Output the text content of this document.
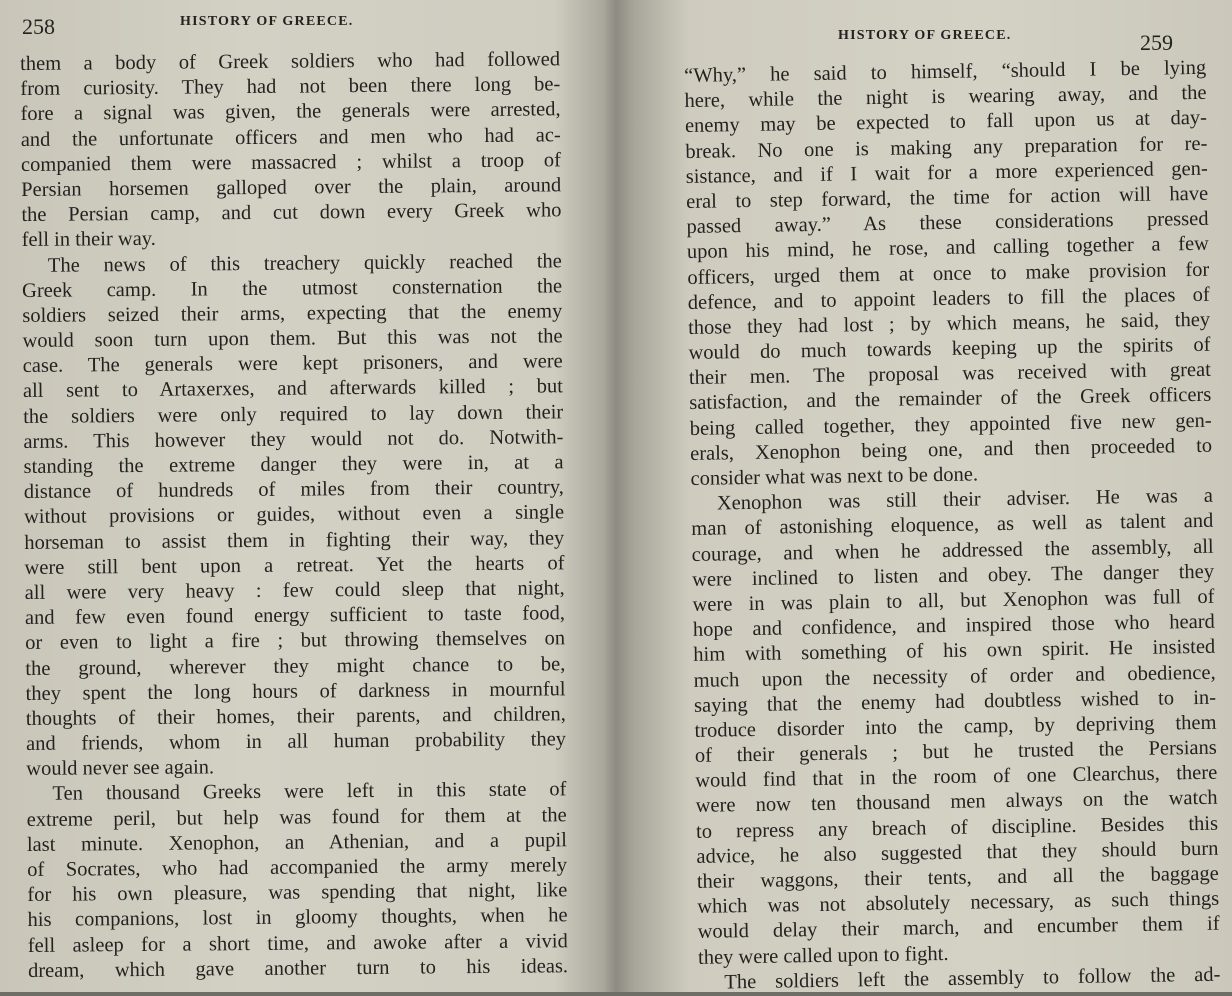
258	HISTORY OF GREECE.
them a body of Greek soldiers who had followed
from curiosity. They had not been there long be-
fore a signal was given, the generals were arrested,
and the unfortunate officers and men who had ac-
companied them were massacred ; whilst a troop of
Persian horsemen galloped over the plain, around
the Persian camp, and cut down every Greek who
fell in their way.
The news of this treachery quickly reached the
Greek camp. In the utmost consternation the
soldiers seized their arms, expecting that the enemy
would soon turn upon them. But this was not the
case. The generals were kept prisoners, and were
all sent to Artaxerxes, and afterwards killed ; but
the soldiers were only required to lay down their
arms. This however they would not do. Notwith-
standing the extreme danger they were in, at a
distance of hundreds of miles from their country,
without provisions or guides, without even a single
horseman to assist them in fighting their way, they
were still bent upon a retreat. Yet the hearts of
all were very heavy : few could sleep that night,
and few even found energy sufficient to taste food,
or even to light a fire ; but throwing themselves on
the ground, wherever they might chance to be,
they spent the long hours of darkness in mournful
thoughts of their homes, their parents, and children,
and friends, whom in all human probability they
would never see again.
Ten thousand Greeks were left in this state of
extreme peril, but help was found for them at the
last minute. Xenophon, an Athenian, and a pupil
of Socrates, who had accompanied the army merely
for his own pleasure, was spending that night, like
his companions, lost in gloomy thoughts, when he
fell asleep for a short time, and awoke after a vivid
dream, which gave another turn to his ideas.
HISTORY OF GREECE.	259
“Why,” he said to himself, “should I be lying
here, while the night is wearing away, and the
enemy may be expected to fall upon us at day-
break. No one is making any preparation for re-
sistance, and if I wait for a more experienced gen-
eral to step forward, the time for action will have
passed away.” As these considerations pressed
upon his mind, he rose, and calling together a few
officers, urged them at once to make provision for
defence, and to appoint leaders to fill the places of
those they had lost ; by which means, he said, they
would do much towards keeping up the spirits of
their men. The proposal was received with great
satisfaction, and the remainder of the Greek officers
being called together, they appointed five new gen-
erals, Xenophon being one, and then proceeded to
consider what was next to be done.
Xenophon was still their adviser. He was a
man of astonishing eloquence, as well as talent and
courage, and when he addressed the assembly, all
were inclined to listen and obey. The danger they
were in was plain to all, but Xenophon was full of
hope and confidence, and inspired those who heard
him with something of his own spirit. He insisted
much upon the necessity of order and obedience,
saying that the enemy had doubtless wished to in-
troduce disorder into the camp, by depriving them
of their generals ; but he trusted the Persians
would find that in the room of one Clearchus, there
were now ten thousand men always on the watch
to repress any breach of discipline. Besides this
advice, he also suggested that they should burn
their waggons, their tents, and all the baggage
which was not absolutely necessary, as such things
would delay their march, and encumber them if
they were called upon to fight.
The soldiers left the assembly to follow the ad-
